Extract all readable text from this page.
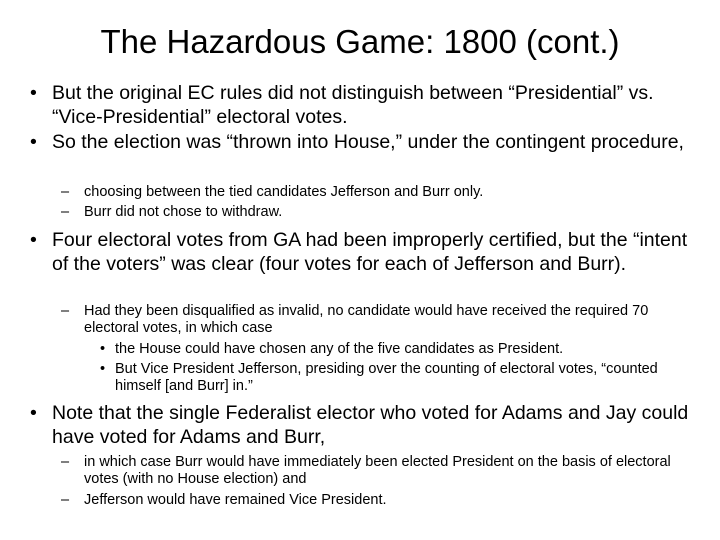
The Hazardous Game: 1800 (cont.)

• But the original EC rules did not distinguish between “Presidential” vs. “Vice-Presidential” electoral votes.

• So the election was “thrown into House,” under the contingent procedure,

– choosing between the tied candidates Jefferson and Burr only.

– Burr did not chose to withdraw.

• Four electoral votes from GA had been improperly certified, but the “intent of the voters” was clear (four votes for each of Jefferson and Burr).

– Had they been disqualified as invalid, no candidate would have received the required 70 electoral votes, in which case

• the House could have chosen any of the five candidates as President.

• But Vice President Jefferson, presiding over the counting of electoral votes, “counted himself [and Burr] in.”

• Note that the single Federalist elector who voted for Adams and Jay could have voted for Adams and Burr,

– in which case Burr would have immediately been elected President on the basis of electoral votes (with no House election) and

– Jefferson would have remained Vice President.
